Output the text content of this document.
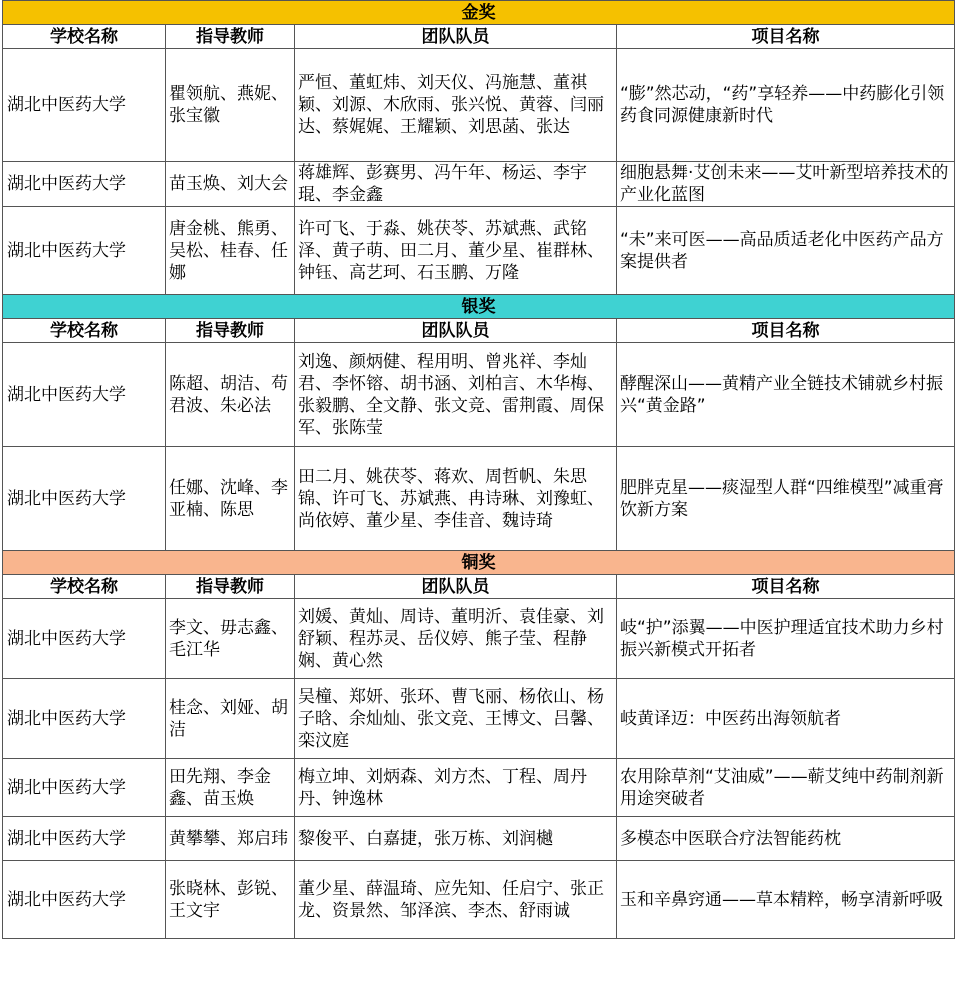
金奖			
学校名称	指导教师	团队队员	项目名称
湖北中医药大学	瞿领航、燕妮、张宝徽	严恒、董虹炜、刘天仪、冯施慧、董祺颖、刘源、木欣雨、张兴悦、黄蓉、闫丽达、蔡娓娓、王耀颖、刘思菡、张达	“膨”然芯动，“药”享轻养——中药膨化引领药食同源健康新时代
湖北中医药大学	苗玉焕、刘大会	蒋雄辉、彭赛男、冯午年、杨运、李宇琨、李金鑫	细胞悬舞·艾创未来——艾叶新型培养技术的产业化蓝图
湖北中医药大学	唐金桃、熊勇、吴松、桂春、任娜	许可飞、于淼、姚茯苓、苏斌燕、武铭泽、黄子萌、田二月、董少星、崔群林、钟钰、高艺珂、石玉鹏、万隆	“未”来可医——高品质适老化中医药产品方案提供者
银奖			
学校名称	指导教师	团队队员	项目名称
湖北中医药大学	陈超、胡洁、苟君波、朱必法	刘逸、颜炳健、程用明、曾兆祥、李灿君、李怀镕、胡书涵、刘柏言、木华梅、张毅鹏、全文静、张文竞、雷荆霞、周保军、张陈莹	酵醒深山——黄精产业全链技术铺就乡村振兴“黄金路”
湖北中医药大学	任娜、沈峰、李亚楠、陈思	田二月、姚茯苓、蒋欢、周哲帆、朱思锦、许可飞、苏斌燕、冉诗琳、刘豫虹、尚依婷、董少星、李佳音、魏诗琦	肥胖克星——痰湿型人群“四维模型”减重膏饮新方案
铜奖			
学校名称	指导教师	团队队员	项目名称
湖北中医药大学	李文、毋志鑫、毛江华	刘媛、黄灿、周诗、董明沂、袁佳豪、刘舒颖、程苏灵、岳仪婷、熊子莹、程静娴、黄心然	岐“护”添翼——中医护理适宜技术助力乡村振兴新模式开拓者
湖北中医药大学	桂念、刘娅、胡洁	吴橦、郑妍、张环、曹飞丽、杨依山、杨子晗、余灿灿、张文竞、王博文、吕馨、栾汶庭	岐黄译迈：中医药出海领航者
湖北中医药大学	田先翔、李金鑫、苗玉焕	梅立坤、刘炳森、刘方杰、丁程、周丹丹、钟逸林	农用除草剂“艾油威”——蕲艾纯中药制剂新用途突破者
湖北中医药大学	黄攀攀、郑启玮	黎俊平、白嘉捷，张万栋、刘润樾	多模态中医联合疗法智能药枕
湖北中医药大学	张晓林、彭锐、王文宇	董少星、薛温琦、应先知、任启宁、张正龙、资景然、邹泽滨、李杰、舒雨诚	玉和辛鼻窍通——草本精粹，畅享清新呼吸
